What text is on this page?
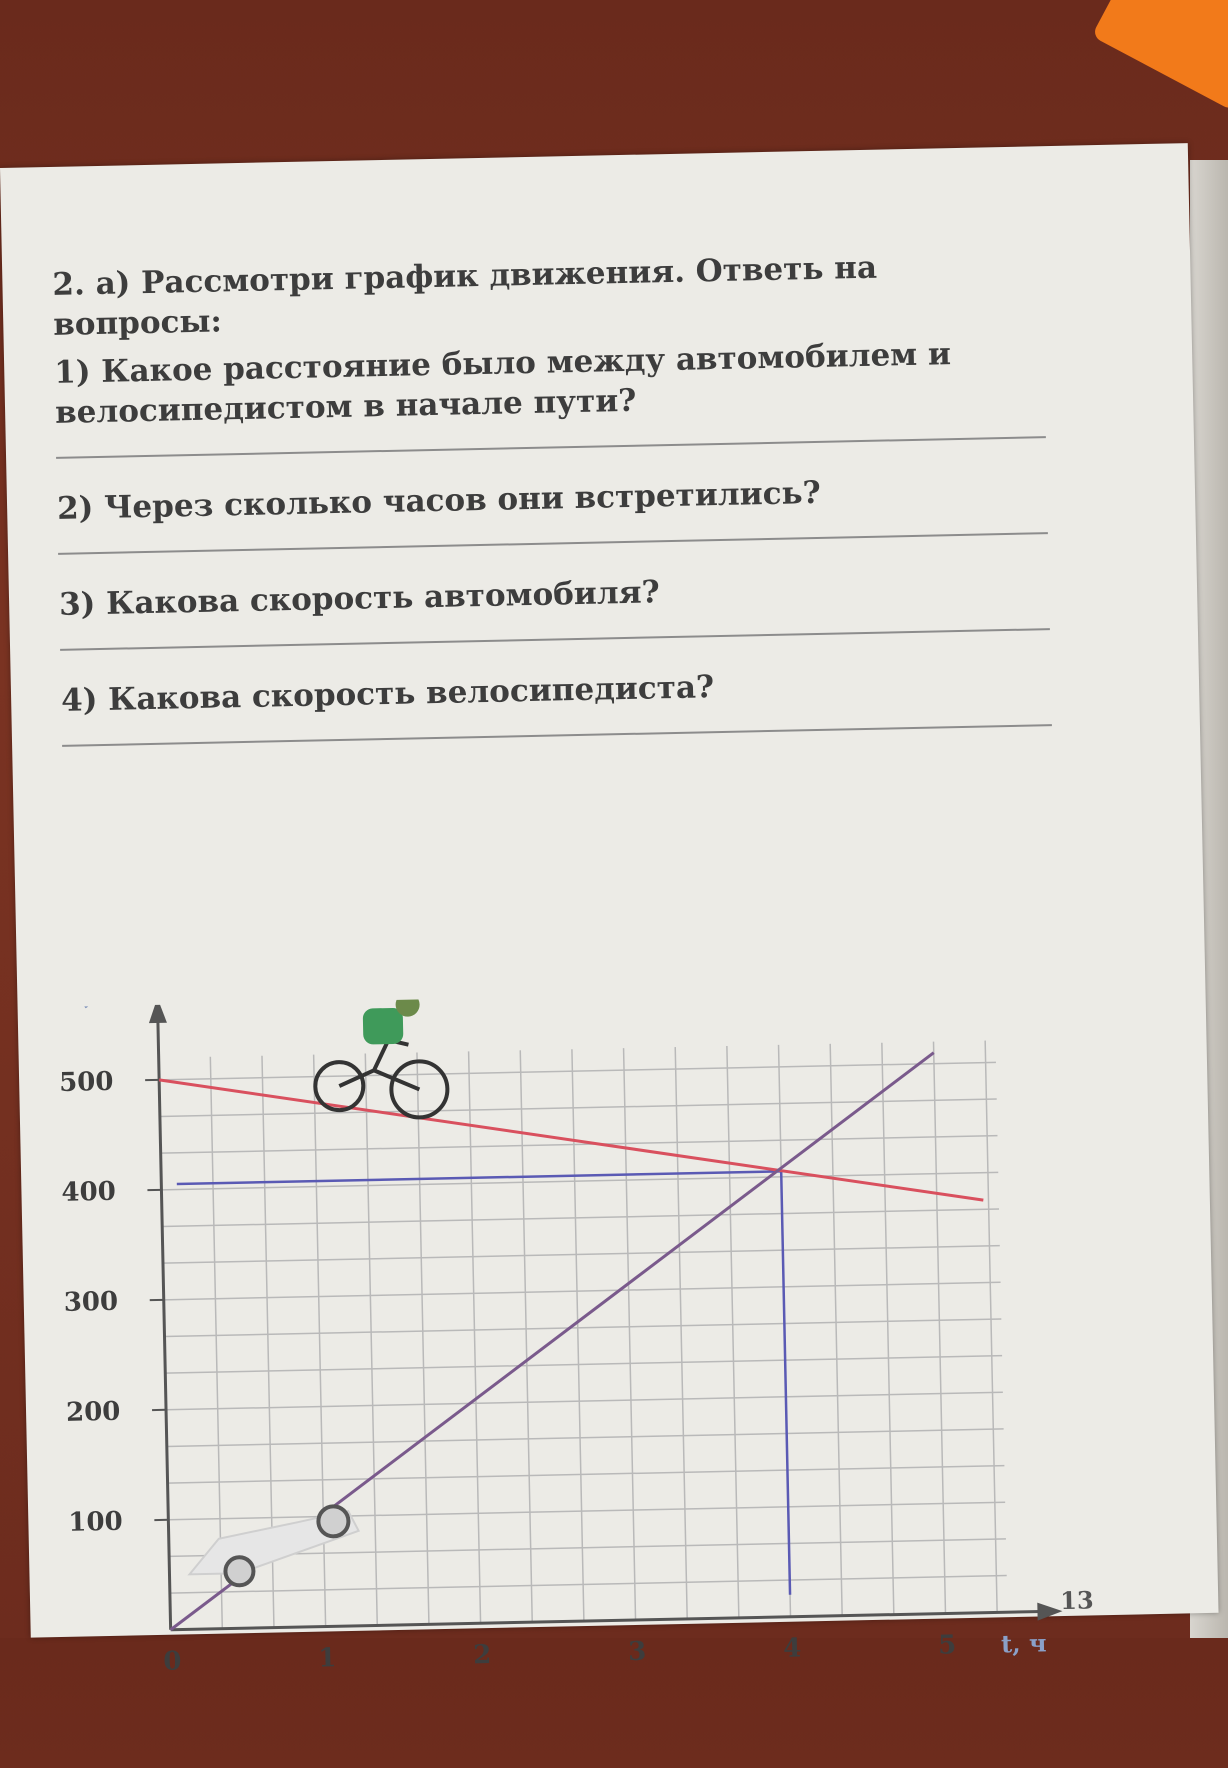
2. а) Рассмотри график движения. Ответь на вопросы:

1) Какое расстояние было между автомобилем и велосипедистом в начале пути?

2) Через сколько часов они встретились?

3) Какова скорость автомобиля?

4) Какова скорость велосипедиста?

0	1	2	3	4	5
100
200
300
400
500
S, км
t, ч
13
